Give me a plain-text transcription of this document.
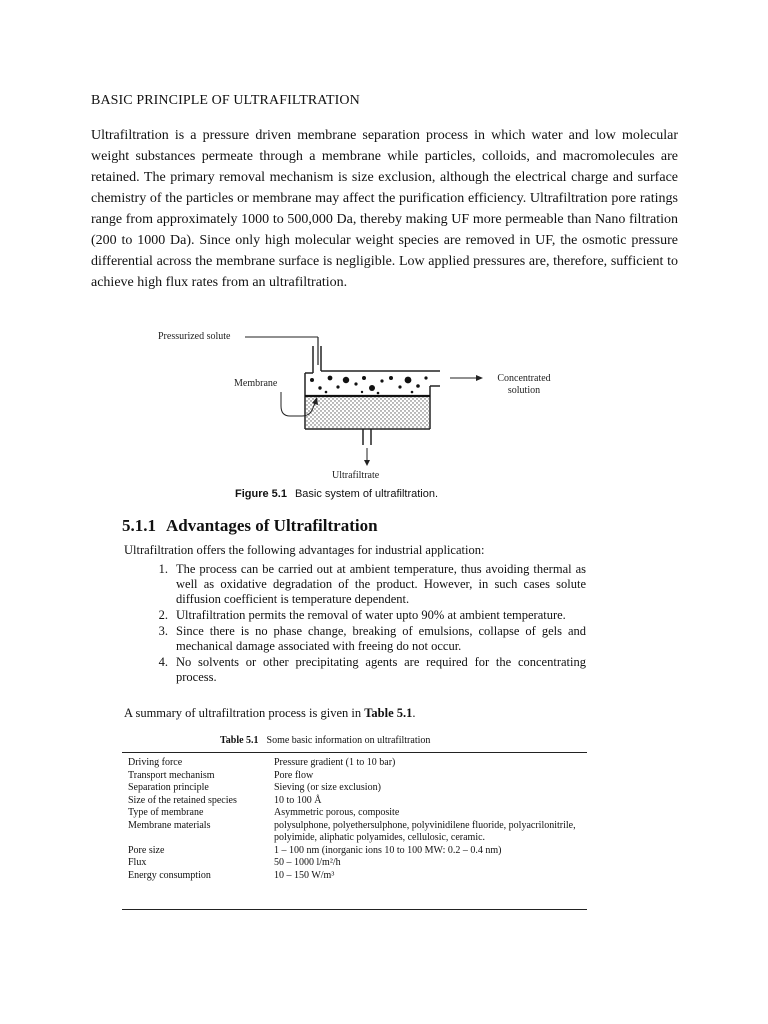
BASIC PRINCIPLE OF ULTRAFILTRATION

Ultrafiltration is a pressure driven membrane separation process in which water and low molecular weight substances permeate through a membrane while particles, colloids, and macromolecules are retained. The primary removal mechanism is size exclusion, although the electrical charge and surface chemistry of the particles or membrane may affect the purification efficiency. Ultrafiltration pore ratings range from approximately 1000 to 500,000 Da, thereby making UF more permeable than Nano filtration (200 to 1000 Da). Since only high molecular weight species are removed in UF, the osmotic pressure differential across the membrane surface is negligible. Low applied pressures are, therefore, sufficient to achieve high flux rates from an ultrafiltration.

Pressurized solute
Membrane	Concentrated
solution
Ultrafiltrate
Figure 5.1 Basic system of ultrafiltration.
5.1.1 Advantages of Ultrafiltration

Ultrafiltration offers the following advantages for industrial application:

1. The process can be carried out at ambient temperature, thus avoiding thermal as well as oxidative degradation of the product. However, in such cases solute diffusion coefficient is temperature dependent.
2. Ultrafiltration permits the removal of water upto 90% at ambient temperature.
3. Since there is no phase change, breaking of emulsions, collapse of gels and mechanical damage associated with freeing do not occur.
4. No solvents or other precipitating agents are required for the concentrating process.

A summary of ultrafiltration process is given in Table 5.1.

Table 5.1 Some basic information on ultrafiltration
Driving force	Pressure gradient (1 to 10 bar)
Transport mechanism	Pore flow
Separation principle	Sieving (or size exclusion)
Size of the retained species	10 to 100 Å
Type of membrane	Asymmetric porous, composite
Membrane materials	polysulphone, polyethersulphone, polyvinidilene fluoride, polyacrilonitrile, polyimide, aliphatic polyamides, cellulosic, ceramic.
Pore size	1 – 100 nm (inorganic ions 10 to 100 MW: 0.2 – 0.4 nm)
Flux	50 – 1000 l/m²/h
Energy consumption	10 – 150 W/m³
